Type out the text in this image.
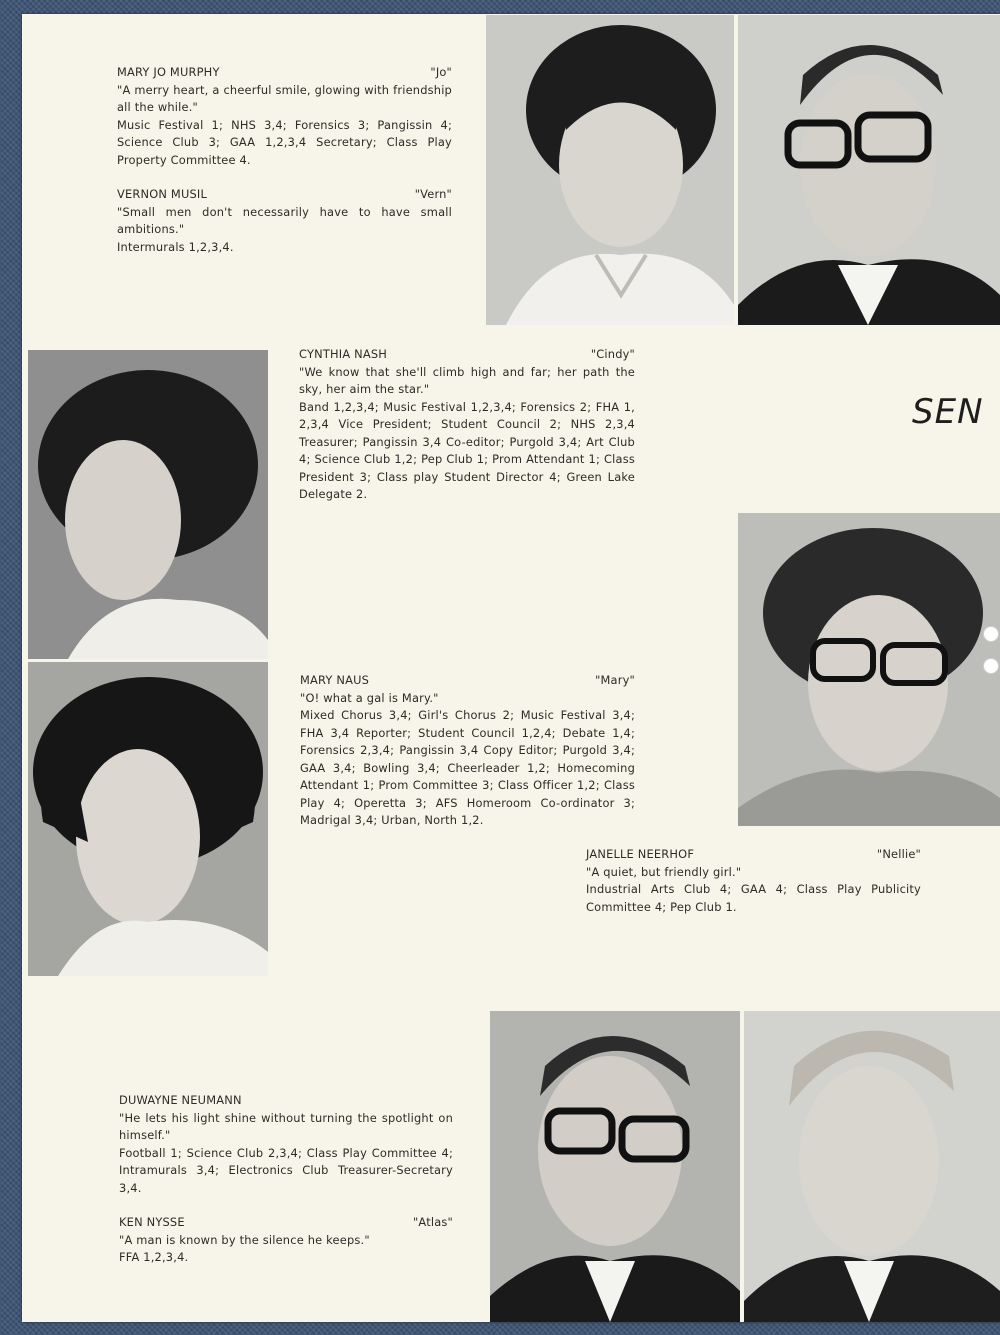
SEN
MARY JO MURPHY	"Jo"

"A merry heart, a cheerful smile, glowing with friendship all the while."

Music Festival 1; NHS 3,4; Forensics 3; Pangissin 4; Science Club 3; GAA 1,2,3,4 Secretary; Class Play Property Committee 4.

VERNON MUSIL	"Vern"

"Small men don't necessarily have to have small ambitions."

Intermurals 1,2,3,4.

CYNTHIA NASH	"Cindy"

"We know that she'll climb high and far; her path the sky, her aim the star."

Band 1,2,3,4; Music Festival 1,2,3,4; Forensics 2; FHA 1, 2,3,4 Vice President; Student Council 2; NHS 2,3,4 Treasurer; Pangissin 3,4 Co-editor; Purgold 3,4; Art Club 4; Science Club 1,2; Pep Club 1; Prom Attendant 1; Class President 3; Class play Student Director 4; Green Lake Delegate 2.

MARY NAUS	"Mary"

"O! what a gal is Mary."

Mixed Chorus 3,4; Girl's Chorus 2; Music Festival 3,4; FHA 3,4 Reporter; Student Council 1,2,4; Debate 1,4; Forensics 2,3,4; Pangissin 3,4 Copy Editor; Purgold 3,4; GAA 3,4; Bowling 3,4; Cheerleader 1,2; Homecoming Attendant 1; Prom Committee 3; Class Officer 1,2; Class Play 4; Operetta 3; AFS Homeroom Co-ordinator 3; Madrigal 3,4; Urban, North 1,2.

JANELLE NEERHOF	"Nellie"

"A quiet, but friendly girl."

Industrial Arts Club 4; GAA 4; Class Play Publicity Committee 4; Pep Club 1.

DUWAYNE NEUMANN

"He lets his light shine without turning the spotlight on himself."

Football 1; Science Club 2,3,4; Class Play Committee 4; Intramurals 3,4; Electronics Club Treasurer-Secretary 3,4.

KEN NYSSE	"Atlas"

"A man is known by the silence he keeps."

FFA 1,2,3,4.
